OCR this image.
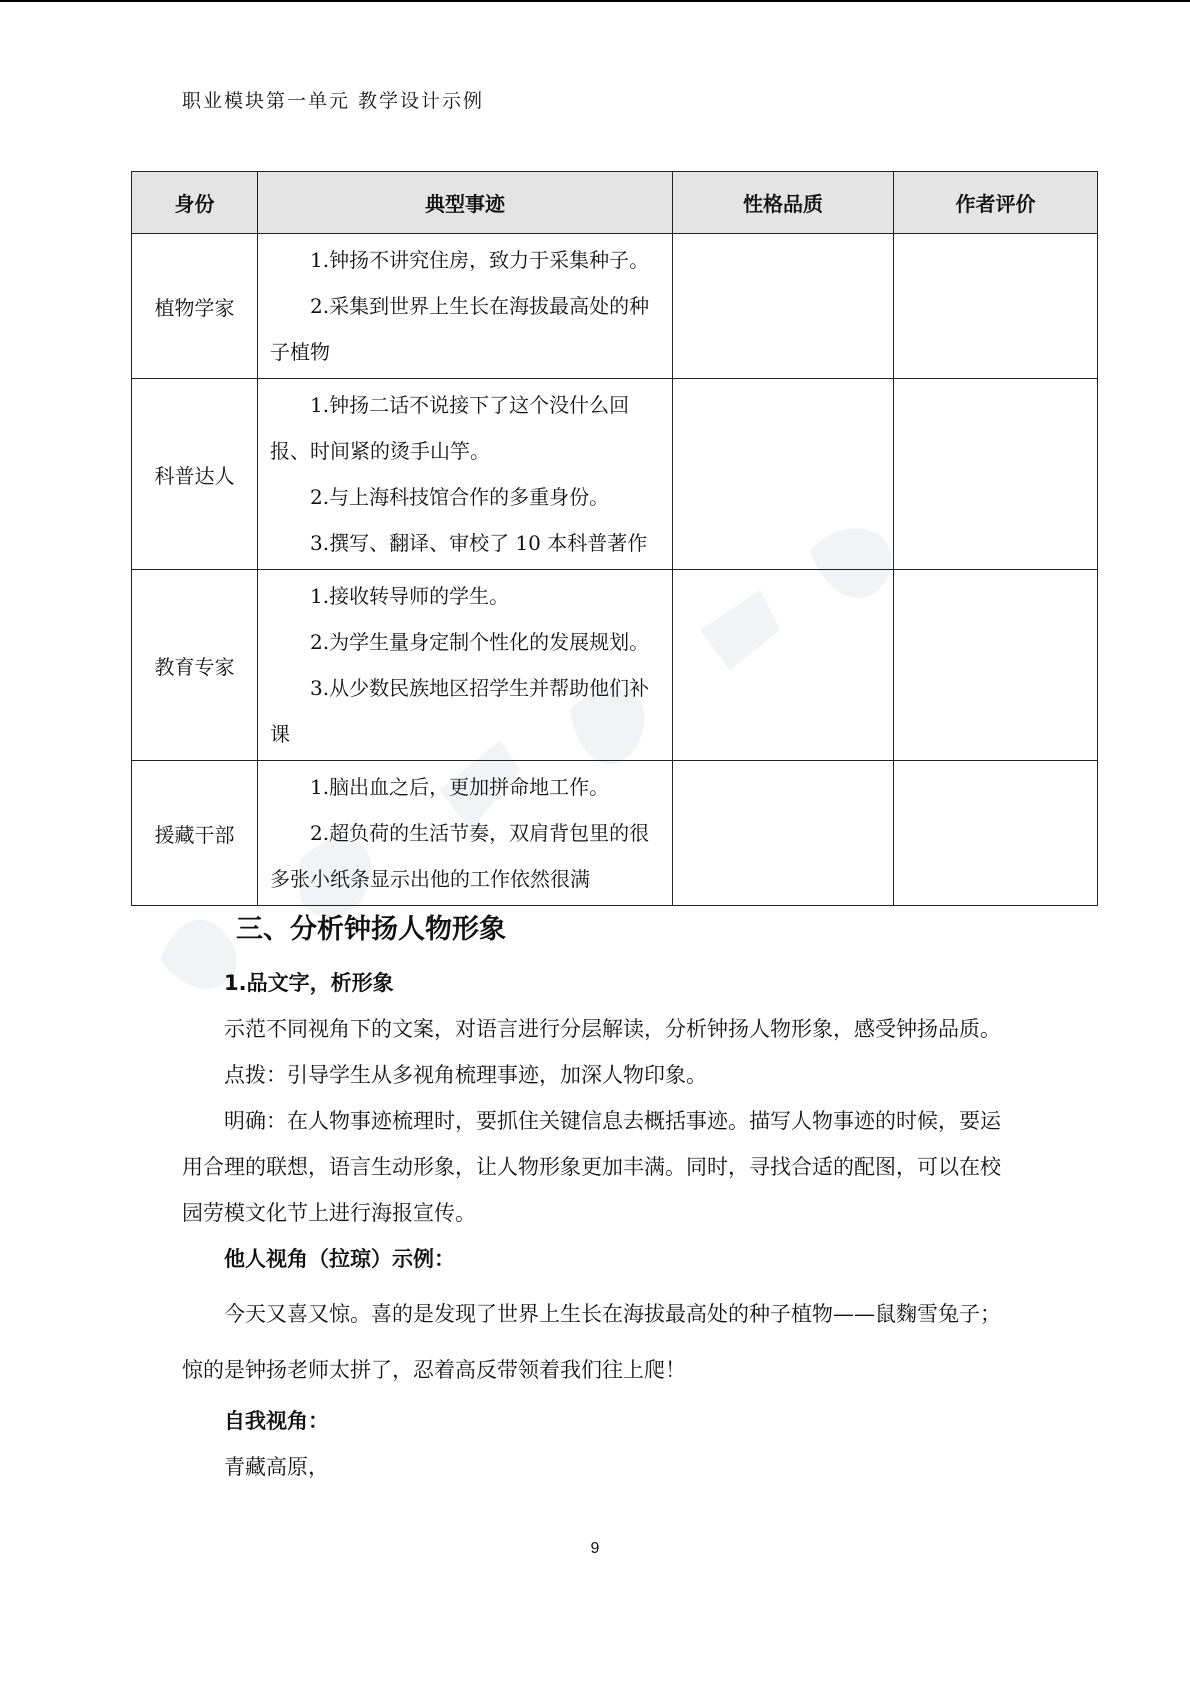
职业模块第一单元 教学设计示例
身份	典型事迹	性格品质	作者评价
植物学家	1.钟扬不讲究住房，致力于采集种子。
2.采集到世界上生长在海拔最高处的种子植物		

科普达人	1.钟扬二话不说接下了这个没什么回报、时间紧的烫手山竽。
2.与上海科技馆合作的多重身份。
3.撰写、翻译、审校了 10 本科普著作		

教育专家	1.接收转导师的学生。
2.为学生量身定制个性化的发展规划。
3.从少数民族地区招学生并帮助他们补课		

援藏干部	1.脑出血之后，更加拼命地工作。
2.超负荷的生活节奏，双肩背包里的很多张小纸条显示出他的工作依然很满		

三、分析钟扬人物形象

1.品文字，析形象

示范不同视角下的文案，对语言进行分层解读，分析钟扬人物形象，感受钟扬品质。

点拨：引导学生从多视角梳理事迹，加深人物印象。

明确：在人物事迹梳理时，要抓住关键信息去概括事迹。描写人物事迹的时候，要运用合理的联想，语言生动形象，让人物形象更加丰满。同时，寻找合适的配图，可以在校园劳模文化节上进行海报宣传。

他人视角（拉琼）示例：

今天又喜又惊。喜的是发现了世界上生长在海拔最高处的种子植物——鼠麴雪兔子；惊的是钟扬老师太拼了，忍着高反带领着我们往上爬！

自我视角：

青藏高原，

9
